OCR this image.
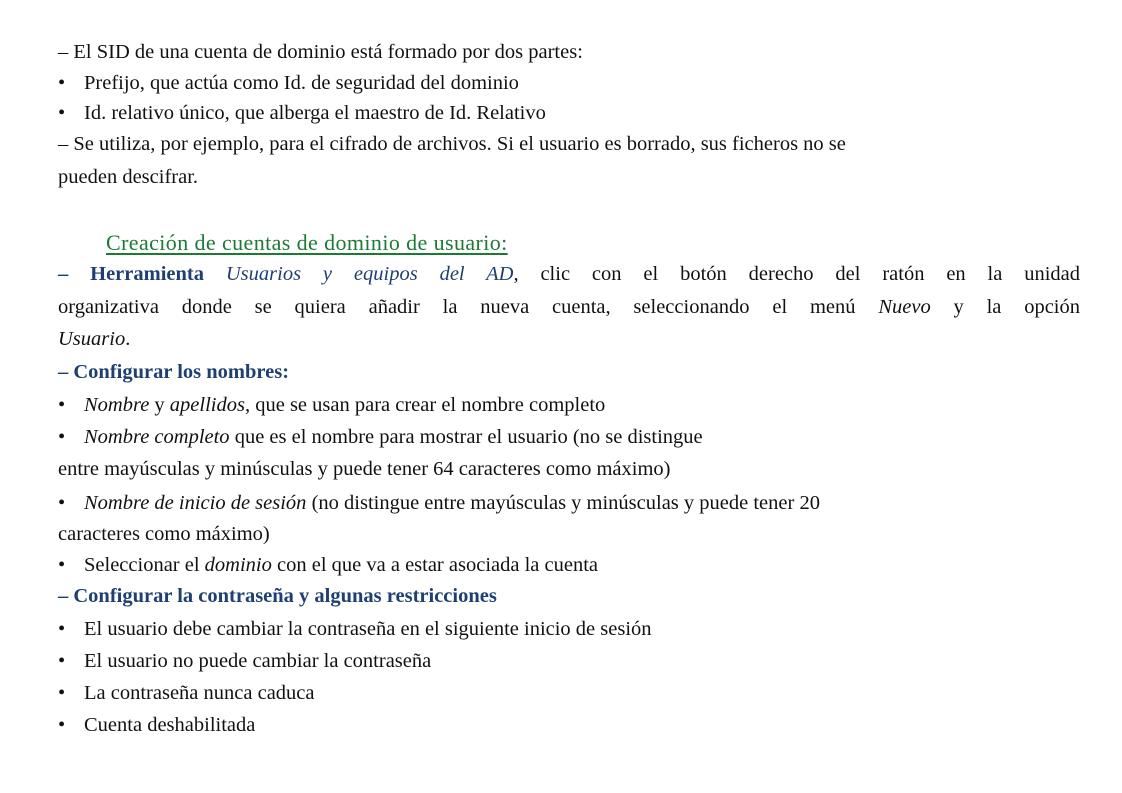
– El SID de una cuenta de dominio está formado por dos partes:
• Prefijo, que actúa como Id. de seguridad del dominio
• Id. relativo único, que alberga el maestro de Id. Relativo
– Se utiliza, por ejemplo, para el cifrado de archivos. Si el usuario es borrado, sus ficheros no se
pueden descifrar.
Creación de cuentas de dominio de usuario:
– Herramienta Usuarios y equipos del AD, clic con el botón derecho del ratón en la unidad
organizativa donde se quiera añadir la nueva cuenta, seleccionando el menú Nuevo y la opción
Usuario.
– Configurar los nombres:
• Nombre y apellidos, que se usan para crear el nombre completo
• Nombre completo que es el nombre para mostrar el usuario (no se distingue
entre mayúsculas y minúsculas y puede tener 64 caracteres como máximo)
• Nombre de inicio de sesión (no distingue entre mayúsculas y minúsculas y puede tener 20
caracteres como máximo)
• Seleccionar el dominio con el que va a estar asociada la cuenta
– Configurar la contraseña y algunas restricciones
• El usuario debe cambiar la contraseña en el siguiente inicio de sesión
• El usuario no puede cambiar la contraseña
• La contraseña nunca caduca
• Cuenta deshabilitada
